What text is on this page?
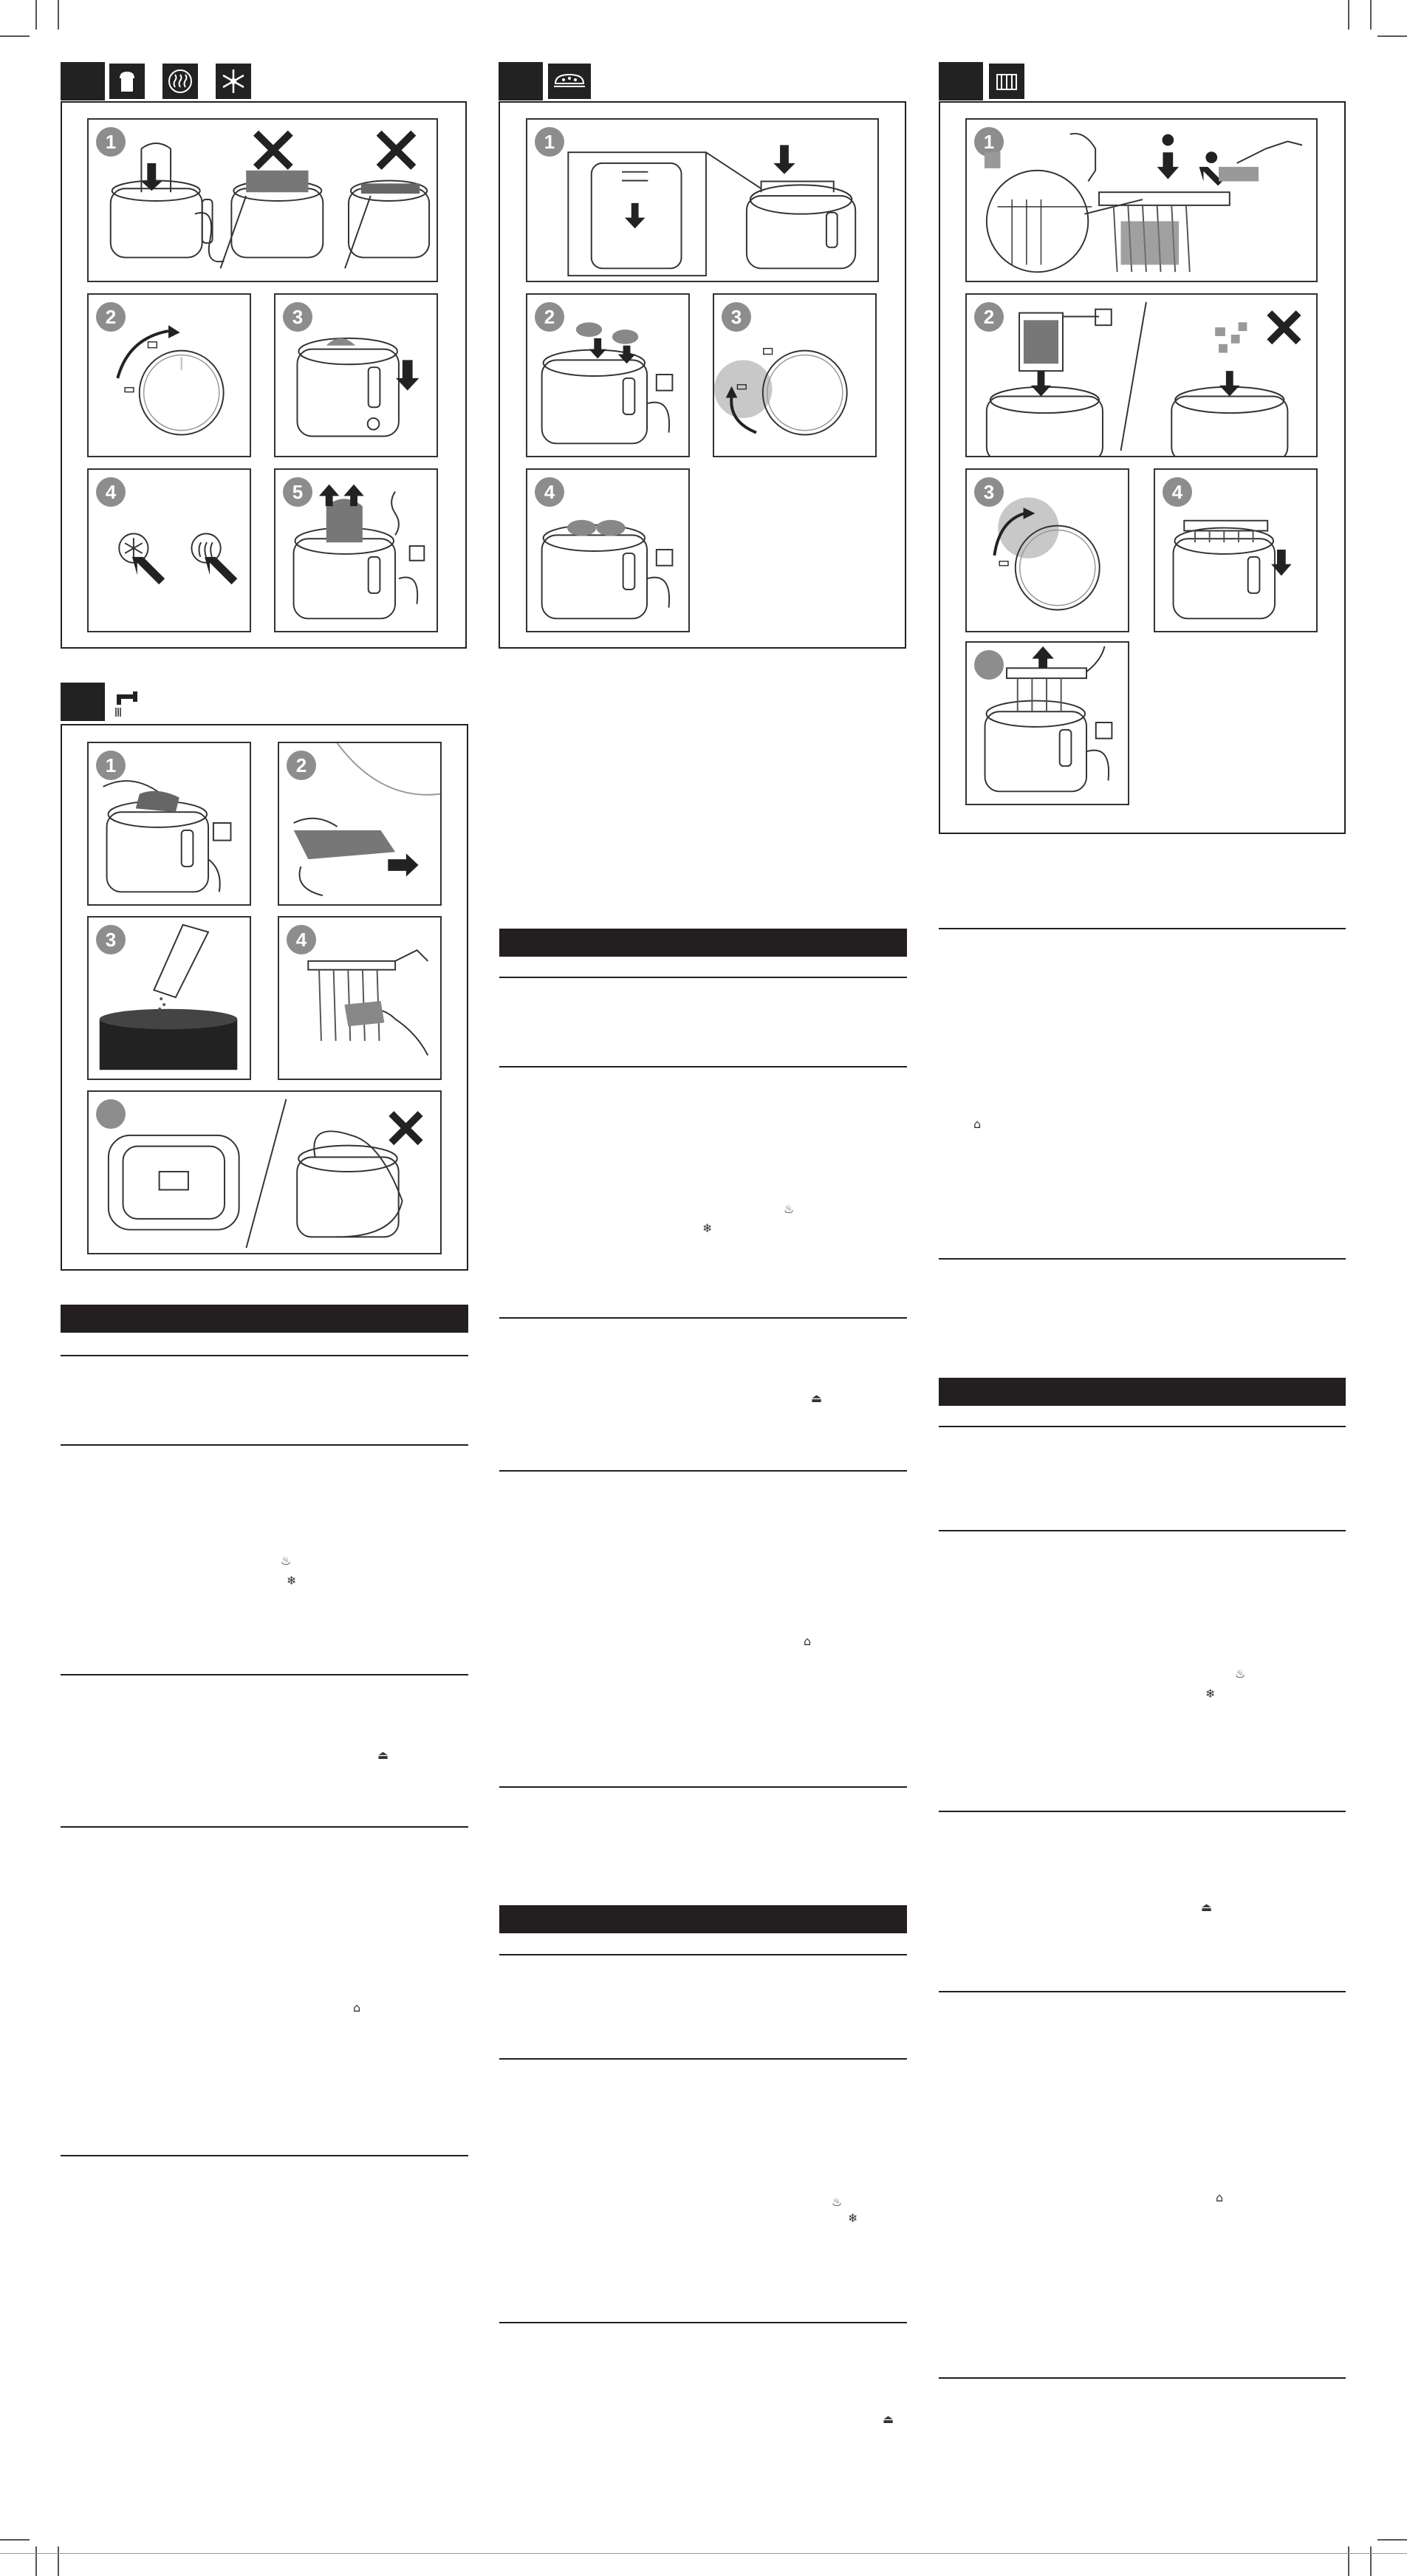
1
2	3
4	5
1
2	3
4
1
2
3	4
1	2
3	4
♨
❄
⏏
⌂
♨
❄
⏏
⌂
♨
❄
⏏
⌂
♨
❄
⏏
⌂
